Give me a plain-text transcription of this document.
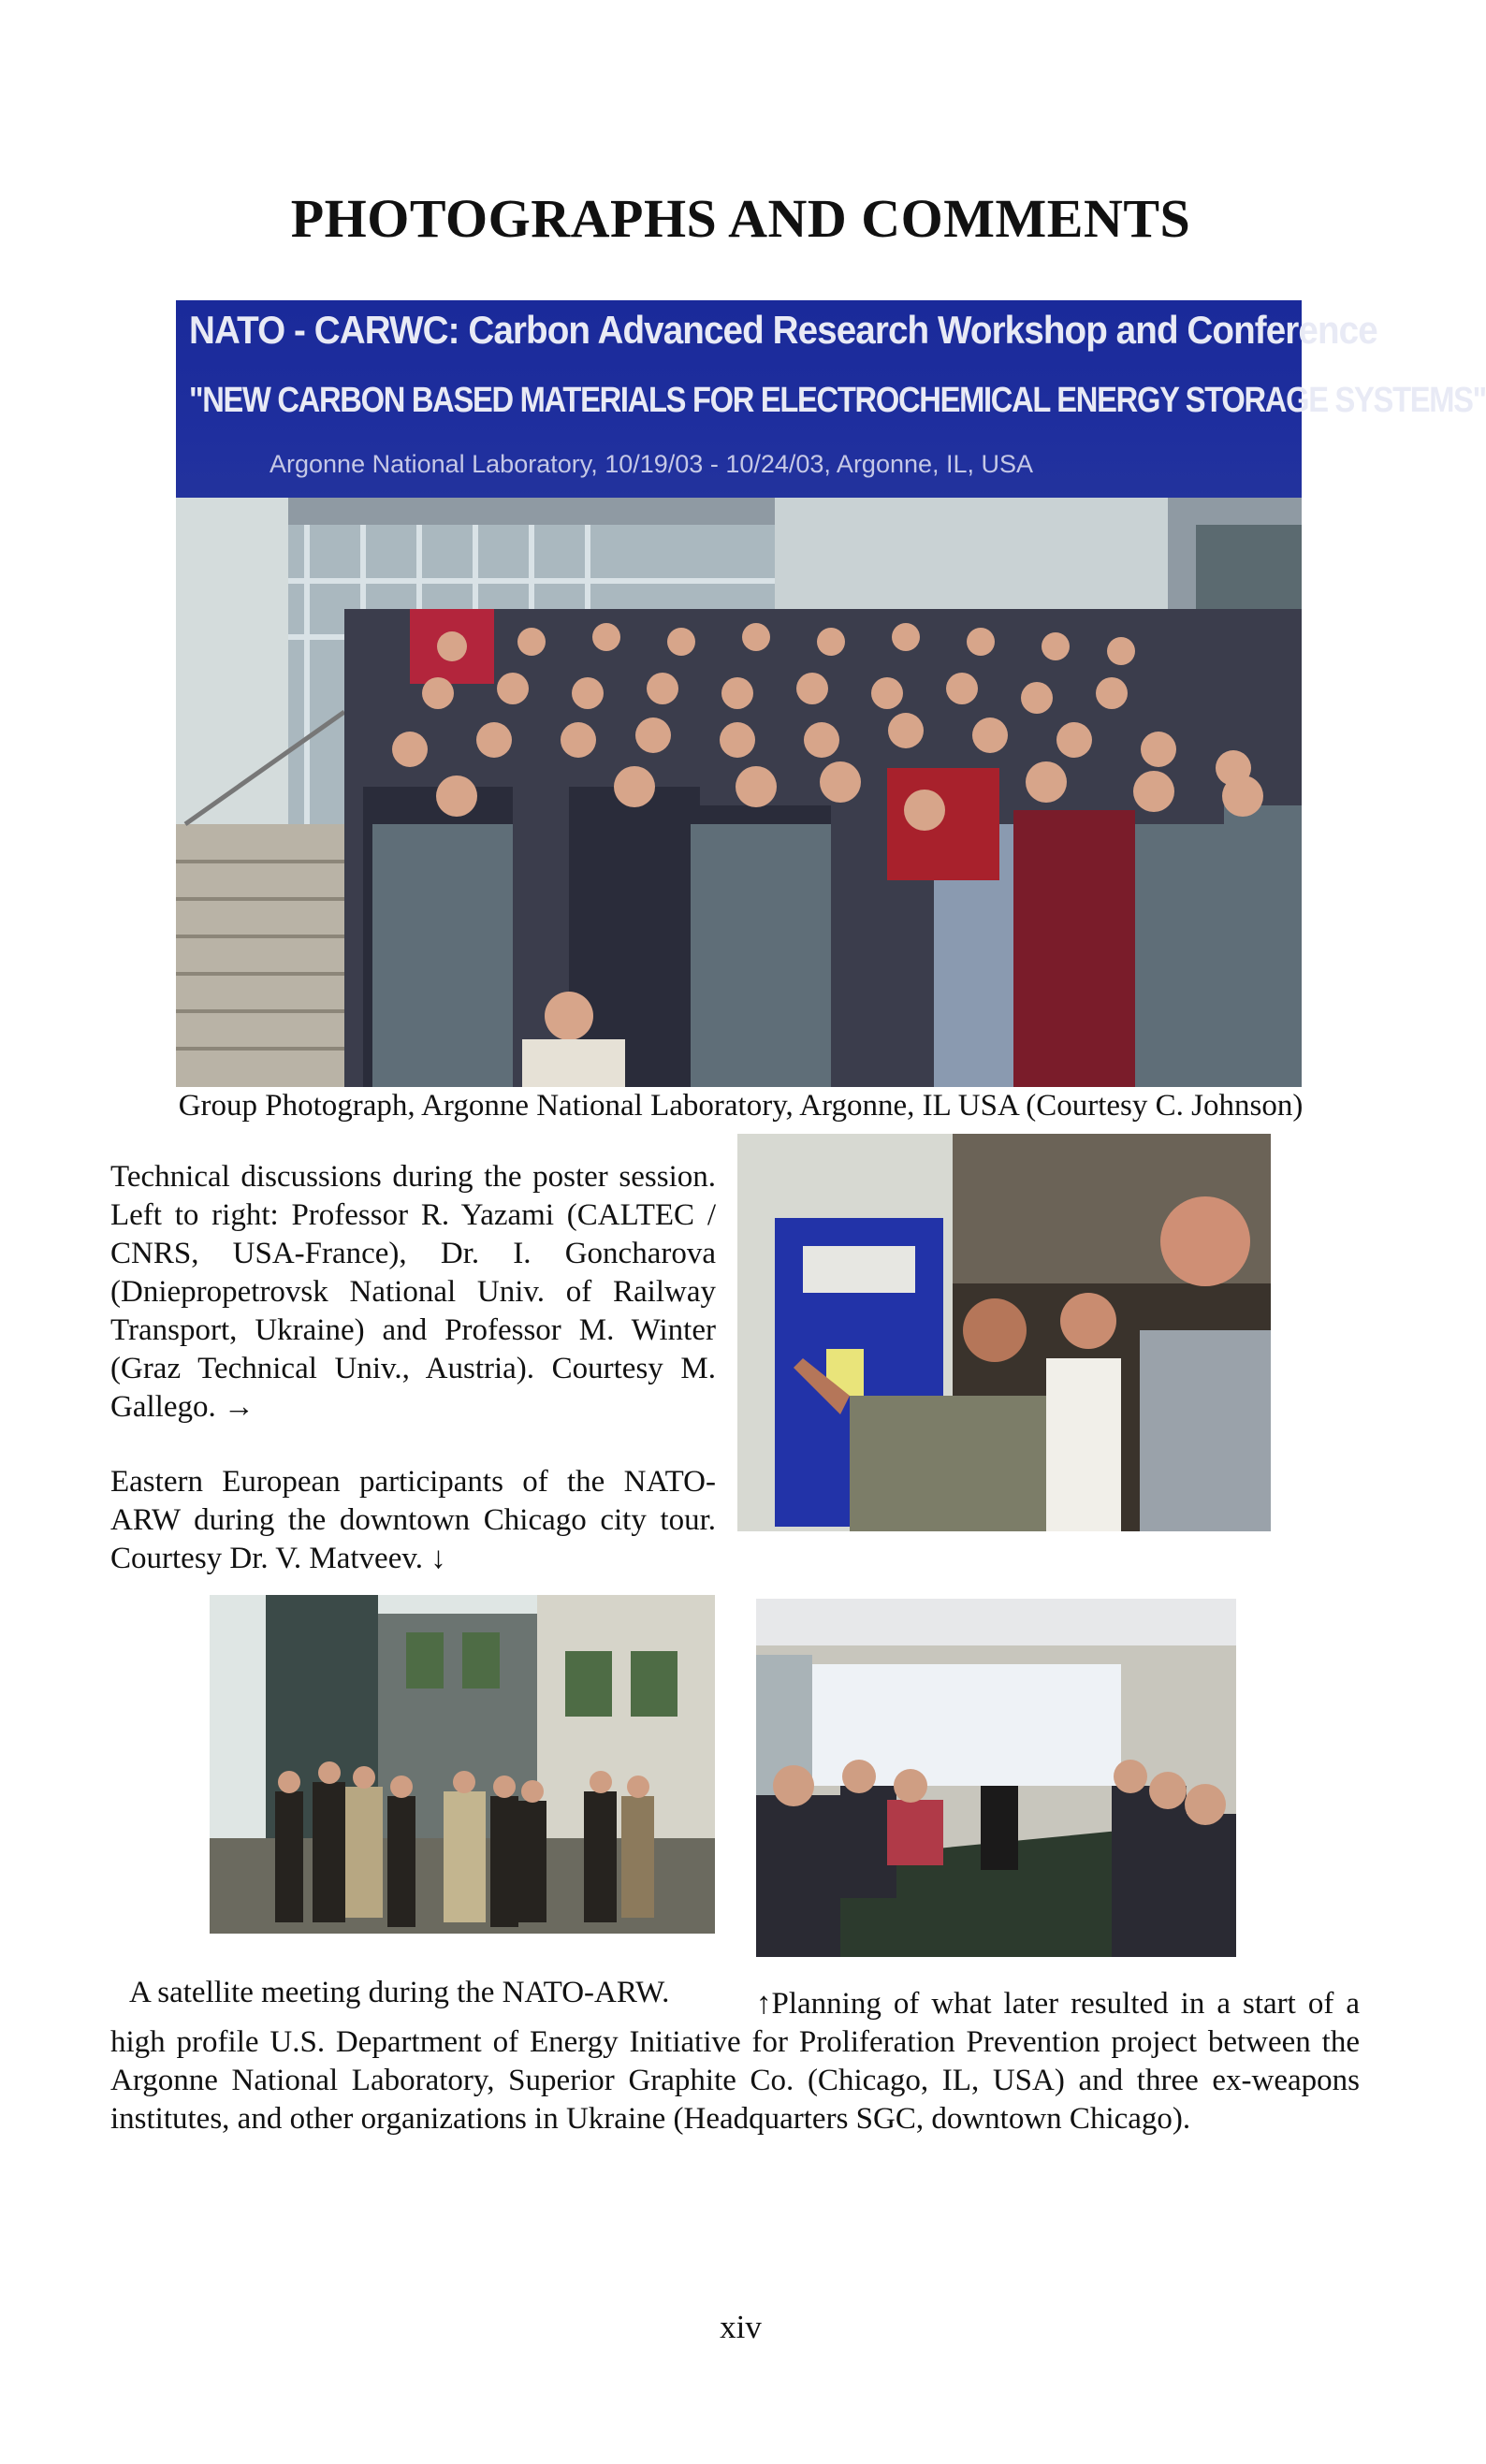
PHOTOGRAPHS AND COMMENTS
NATO - CARWC: Carbon Advanced Research Workshop and Conference
"NEW CARBON BASED MATERIALS FOR ELECTROCHEMICAL ENERGY STORAGE SYSTEMS"
Argonne National Laboratory, 10/19/03 - 10/24/03, Argonne, IL, USA
Group Photograph, Argonne National Laboratory, Argonne, IL USA (Courtesy C. Johnson)
Technical discussions during the poster session. Left to right: Professor R. Yazami (CALTEC / CNRS, USA-France), Dr. I. Goncharova (Dniepropetrovsk National Univ. of Railway Transport, Ukraine) and Professor M. Winter (Graz Technical Univ., Austria). Courtesy M. Gallego. →
Eastern European participants of the NATO-ARW during the downtown Chicago city tour. Courtesy Dr. V. Matveev. ↓
A satellite meeting during the NATO-ARW.	↑Planning of what later resulted in a start of a
high profile U.S. Department of Energy Initiative for Proliferation Prevention project between the Argonne National Laboratory, Superior Graphite Co. (Chicago, IL, USA) and three ex-weapons institutes, and other organizations in Ukraine (Headquarters SGC, downtown Chicago).
xiv
